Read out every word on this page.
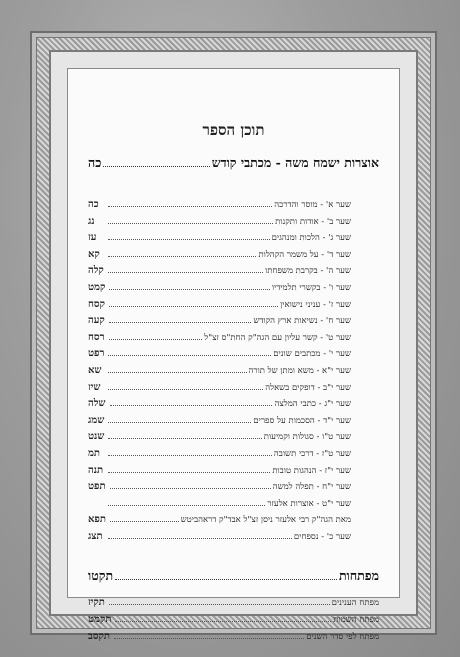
תוכן הספר
אוצרות ישמח משה - מכתבי קודש
כה
שער א' - מוסר והדרכה
כה
שער ב' - אודות ותקנות
נג
שער ג' - הלכות ומנהגים
עז
שער ד' - על משמר הקהלות
קא
שער ה' - בקרבת משפחתו
קלה
שער ו' - בקשרי תלמידיו
קמט
שער ז' - עניני נישואין
קסח
שער ח' - נשיאות ארץ הקודש
קעה
שער ט' - קשר עליון עם הגה"ק החת"ס זצ"ל
רסח
שער י' - מכתבים שונים
רפט
שער י"א - משא ומתן של תורה
שא
שער י"ב - דופקים בשאלה
שיז
שער י"ג - כתבי המלצה
שלה
שער י"ד - הסכמות על ספרים
שמג
שער ט"ו - סגולות וקמיעות
שנט
שער ט"ז - דרכי תשובה
תמ
שער י"ז - הנהגות טובות
תנה
שער י"ח - תפלה למשה
תפט
שער י"ט - אוצרות אלעזר
מאת הגה"ק רבי אלעזר ניסן זצ"ל אבד"ק דראהביטש
תפא
שער כ' - נספחים
תצג
מפתחות
תקטו
מפתח הענינים
תקיז
מפתח השמות
תקמט
מפתח לפי סדר השנים
תקסב
